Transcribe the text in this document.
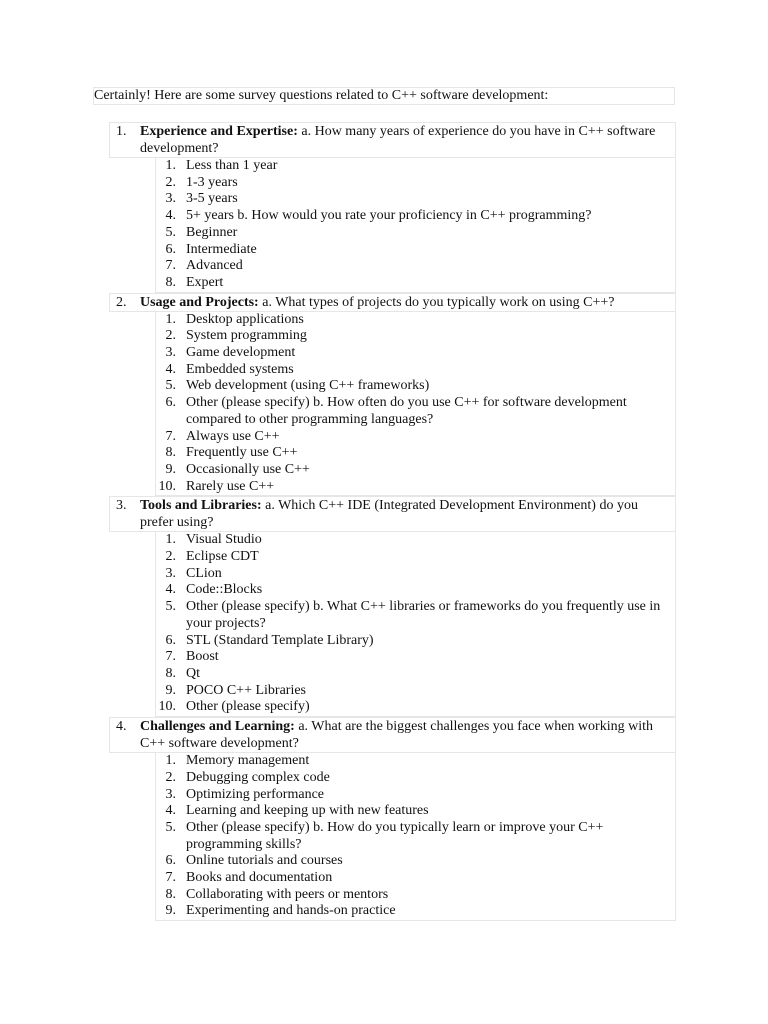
Certainly! Here are some survey questions related to C++ software development:
1. Experience and Expertise: a. How many years of experience do you have in C++ software development?
1. Less than 1 year
2. 1-3 years
3. 3-5 years
4. 5+ years b. How would you rate your proficiency in C++ programming?
5. Beginner
6. Intermediate
7. Advanced
8. Expert
2. Usage and Projects: a. What types of projects do you typically work on using C++?
1. Desktop applications
2. System programming
3. Game development
4. Embedded systems
5. Web development (using C++ frameworks)
6. Other (please specify) b. How often do you use C++ for software development compared to other programming languages?
7. Always use C++
8. Frequently use C++
9. Occasionally use C++
10. Rarely use C++
3. Tools and Libraries: a. Which C++ IDE (Integrated Development Environment) do you prefer using?
1. Visual Studio
2. Eclipse CDT
3. CLion
4. Code::Blocks
5. Other (please specify) b. What C++ libraries or frameworks do you frequently use in your projects?
6. STL (Standard Template Library)
7. Boost
8. Qt
9. POCO C++ Libraries
10. Other (please specify)
4. Challenges and Learning: a. What are the biggest challenges you face when working with C++ software development?
1. Memory management
2. Debugging complex code
3. Optimizing performance
4. Learning and keeping up with new features
5. Other (please specify) b. How do you typically learn or improve your C++ programming skills?
6. Online tutorials and courses
7. Books and documentation
8. Collaborating with peers or mentors
9. Experimenting and hands-on practice
